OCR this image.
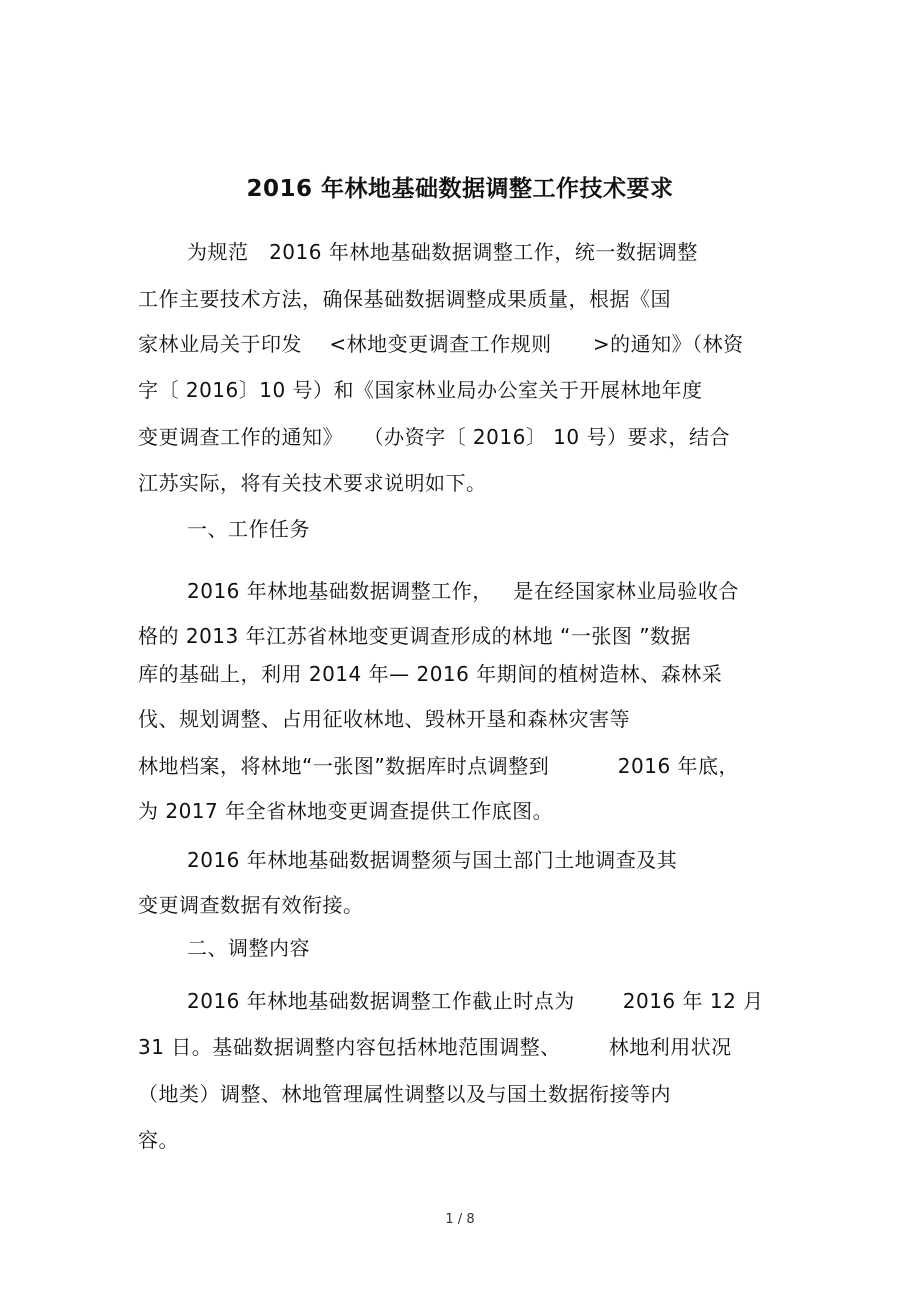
2016 年林地基础数据调整工作技术要求
为规范   2016 年林地基础数据调整工作，统一数据调整
工作主要技术方法，确保基础数据调整成果质量，根据《国
家林业局关于印发    <林地变更调查工作规则      >的通知》（林资
字〔 2016〕10 号）和《国家林业局办公室关于开展林地年度
变更调查工作的通知》   （办资字〔 2016〕 10 号）要求，结合
江苏实际，将有关技术要求说明如下。
一、工作任务
2016 年林地基础数据调整工作，   是在经国家林业局验收合
格的 2013 年江苏省林地变更调查形成的林地 “一张图 ”数据
库的基础上，利用 2014 年— 2016 年期间的植树造林、森林采
伐、规划调整、占用征收林地、毁林开垦和森林灾害等
林地档案，将林地“一张图”数据库时点调整到          2016 年底，
为 2017 年全省林地变更调查提供工作底图。
2016 年林地基础数据调整须与国土部门土地调查及其
变更调查数据有效衔接。
二、调整内容
2016 年林地基础数据调整工作截止时点为       2016 年 12 月
31 日。基础数据调整内容包括林地范围调整、       林地利用状况
（地类）调整、林地管理属性调整以及与国土数据衔接等内
容。
1 / 8
